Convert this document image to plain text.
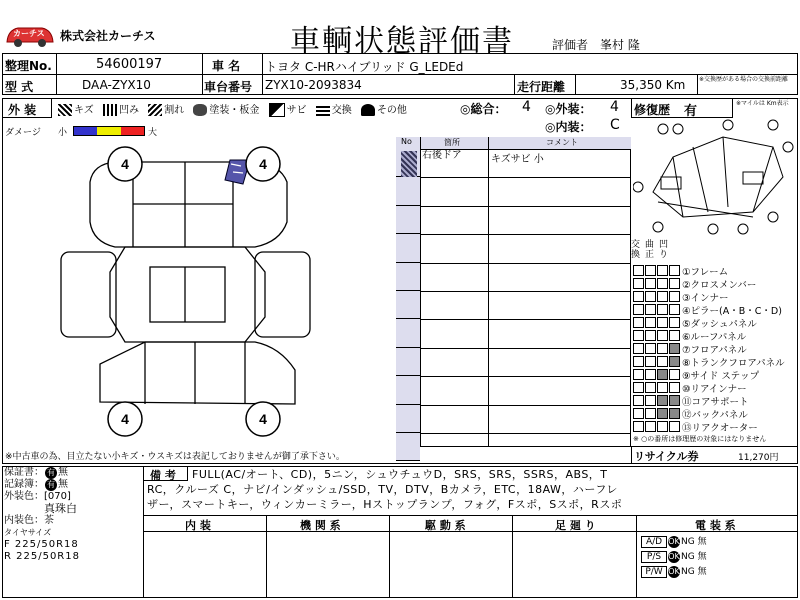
カーチス 株式会社カーチス	車輌状態評価書	評価者 峯村 隆
整理No.	54600197	車 名 トヨタ C-HRハイブリッド G_LEDEd
型 式	DAA-ZYX10	車台番号 ZYX10-2093834	走行距離	35,350 Km ※交換歴がある場合の交換前距離
外 装	キズ	凹み	割れ	塗装・板金	サビ	交換	その他	◎総合： 4 ◎外装： 4
◎内装： C
修復歴 有
※マイルは Km表示
ダメージ 小	大
4	4
4	4
No	箇所	コメント
右後ドア	キズサビ 小
交換
曲正
凹り
①フレーム
②クロスメンバー
③インナー
④ピラー(A・B・C・D)
⑤ダッシュパネル
⑥ルーフパネル
⑦フロアパネル
⑧トランクフロアパネル
⑨サイド ステップ
⑩リアインナー
⑪コアサポート
⑫バックパネル
⑬リアクオーター
※ ○の番所は修理歴の対象にはなりません
リサイクル券	11,270円
※中古車の為、目立たない小キズ・ウスキズは表記しておりませんが御了承下さい。
保証書： 有 無
記録簿： 有 無
外装色：[070]
真珠白
内装色：茶
タイヤサイズ
F 225/50R18
R 225/50R18
備 考 FULL(AC/オート、CD)，5ニン，シュウチュウD，SRS，SRS，SSRS，ABS，T
RC，クルーズ C，ナビ/インダッシュ/SSD，TV，DTV，Bカメラ，ETC，18AW，ハーフレ
ザー，スマートキー，ウィンカーミラー，Hストップランプ，フォグ，Fスポ，Sスポ，Rスポ
内 装	機 関 系	駆 動 系	足 廻 り	電 装 系
A/D OKNG 無
P/S OKNG 無
P/W OKNG 無
